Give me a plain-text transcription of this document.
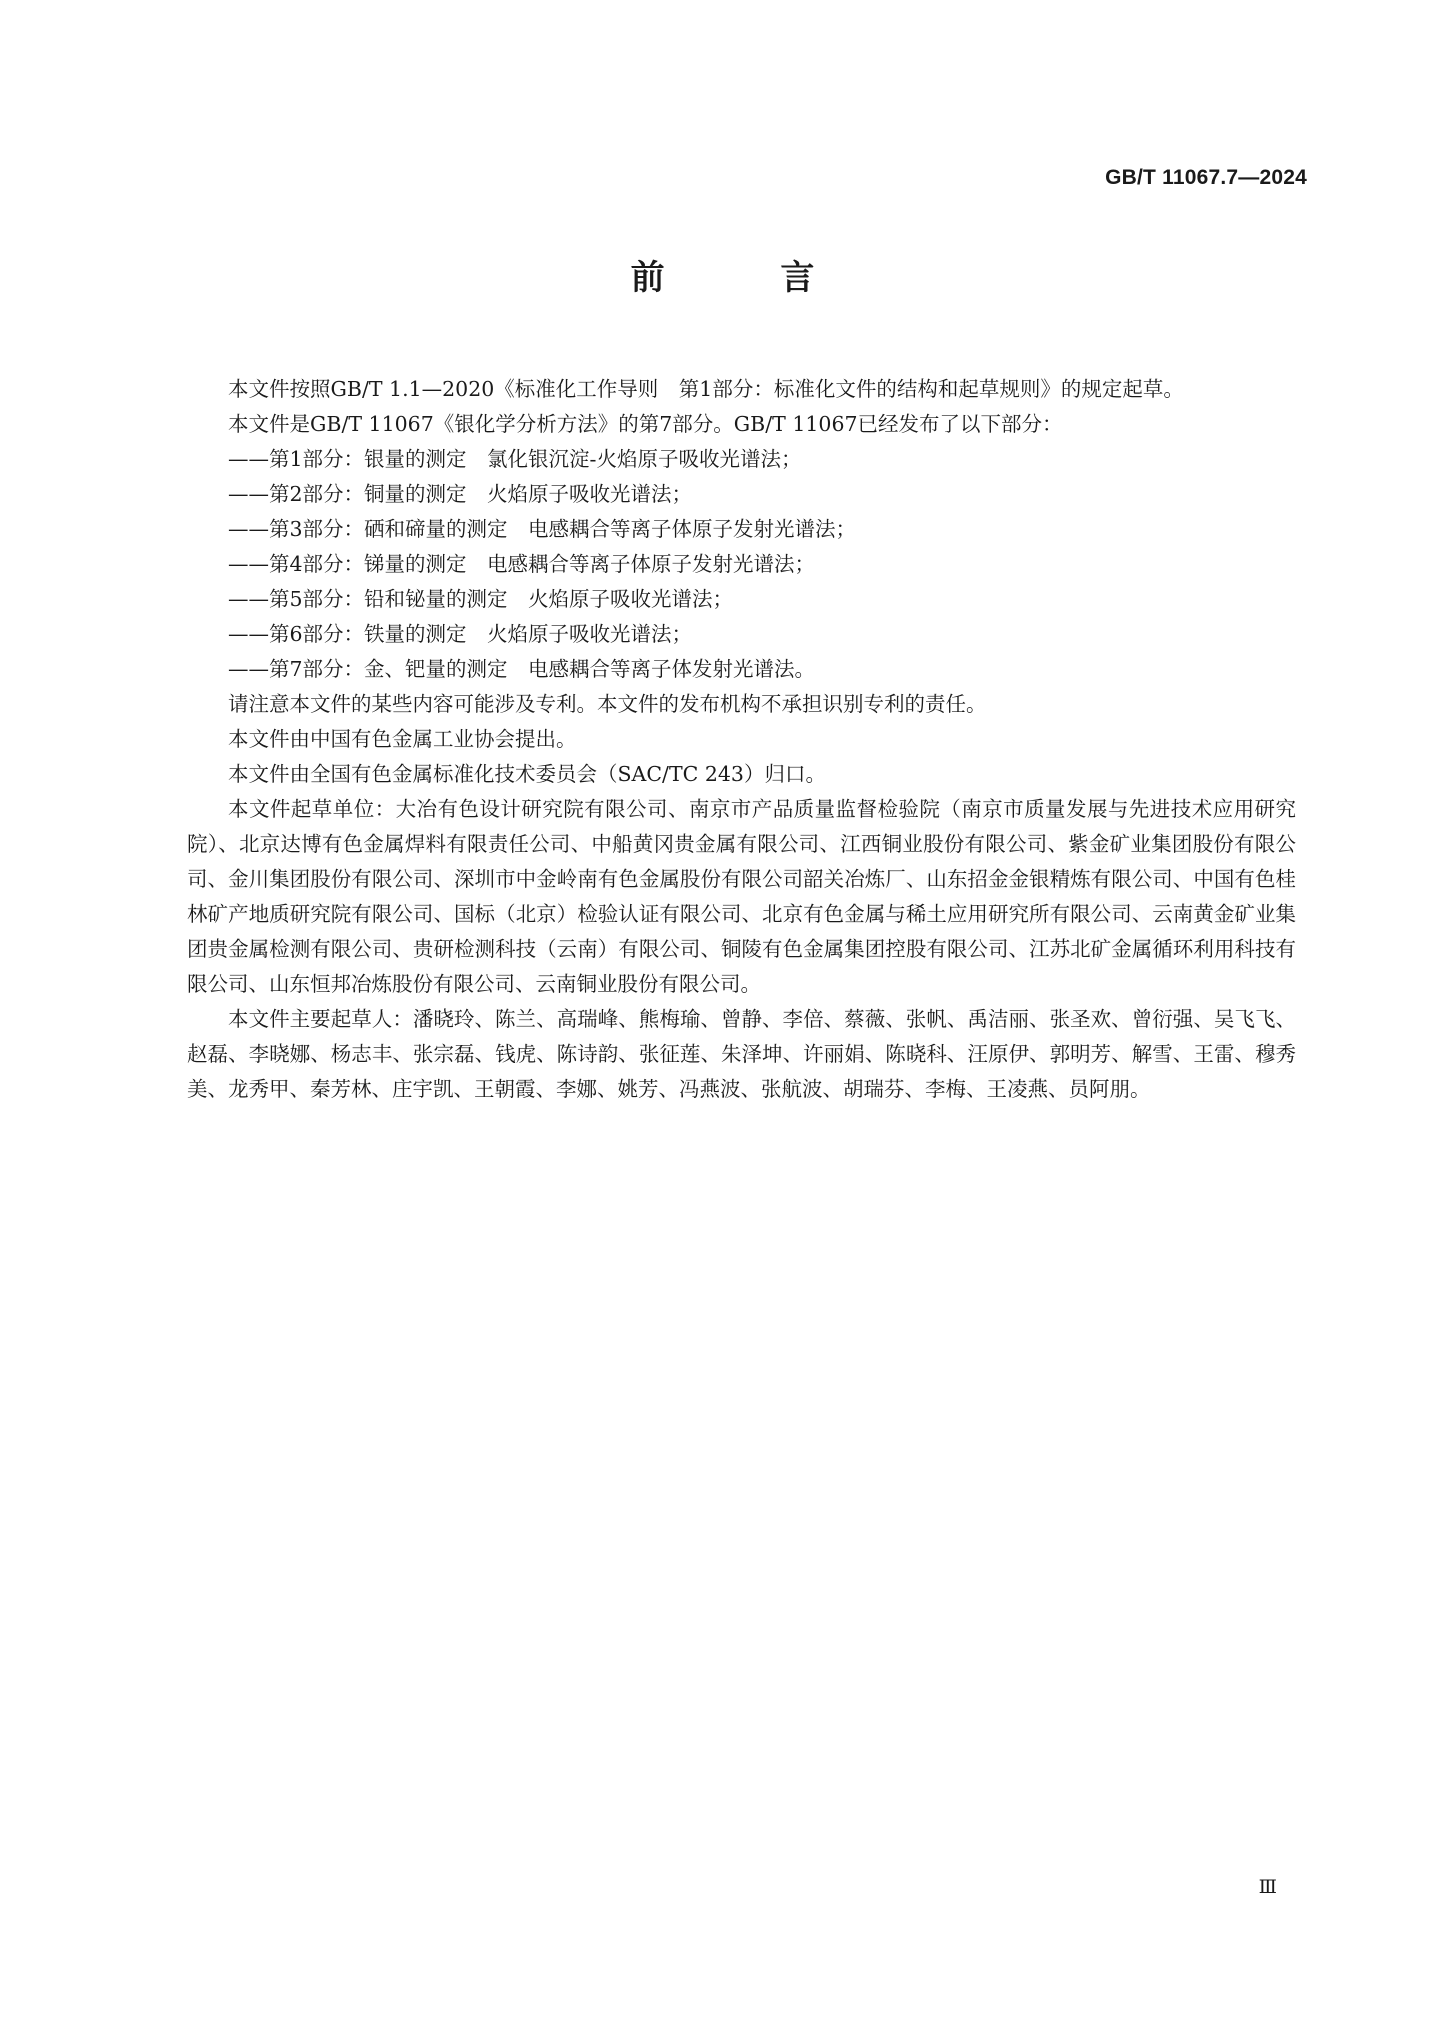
GB/T 11067.7—2024
前 言

本文件按照GB/T 1.1—2020《标准化工作导则　第1部分：标准化文件的结构和起草规则》的规定起草。

本文件是GB/T 11067《银化学分析方法》的第7部分。GB/T 11067已经发布了以下部分：

——第1部分：银量的测定　氯化银沉淀-火焰原子吸收光谱法；

——第2部分：铜量的测定　火焰原子吸收光谱法；

——第3部分：硒和碲量的测定　电感耦合等离子体原子发射光谱法；

——第4部分：锑量的测定　电感耦合等离子体原子发射光谱法；

——第5部分：铅和铋量的测定　火焰原子吸收光谱法；

——第6部分：铁量的测定　火焰原子吸收光谱法；

——第7部分：金、钯量的测定　电感耦合等离子体发射光谱法。

请注意本文件的某些内容可能涉及专利。本文件的发布机构不承担识别专利的责任。

本文件由中国有色金属工业协会提出。

本文件由全国有色金属标准化技术委员会（SAC/TC 243）归口。

本文件起草单位：大冶有色设计研究院有限公司、南京市产品质量监督检验院（南京市质量发展与先进技术应用研究院）、北京达博有色金属焊料有限责任公司、中船黄冈贵金属有限公司、江西铜业股份有限公司、紫金矿业集团股份有限公司、金川集团股份有限公司、深圳市中金岭南有色金属股份有限公司韶关冶炼厂、山东招金金银精炼有限公司、中国有色桂林矿产地质研究院有限公司、国标（北京）检验认证有限公司、北京有色金属与稀土应用研究所有限公司、云南黄金矿业集团贵金属检测有限公司、贵研检测科技（云南）有限公司、铜陵有色金属集团控股有限公司、江苏北矿金属循环利用科技有限公司、山东恒邦冶炼股份有限公司、云南铜业股份有限公司。

本文件主要起草人：潘晓玲、陈兰、高瑞峰、熊梅瑜、曾静、李倍、蔡薇、张帆、禹洁丽、张圣欢、曾衍强、吴飞飞、赵磊、李晓娜、杨志丰、张宗磊、钱虎、陈诗韵、张征莲、朱泽坤、许丽娟、陈晓科、汪原伊、郭明芳、解雪、王雷、穆秀美、龙秀甲、秦芳林、庄宇凯、王朝霞、李娜、姚芳、冯燕波、张航波、胡瑞芬、李梅、王凌燕、员阿朋。

Ⅲ
